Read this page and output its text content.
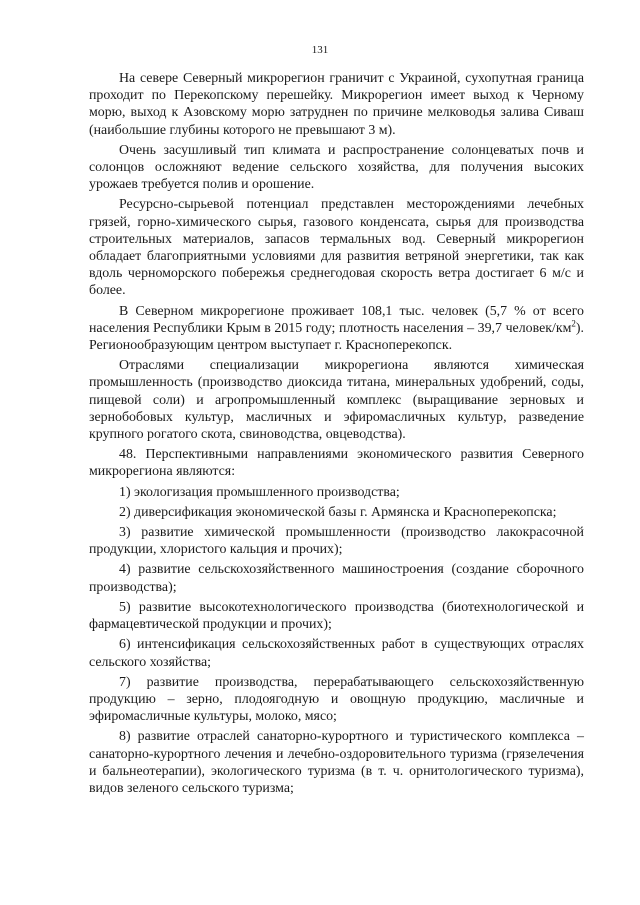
131

На севере Северный микрорегион граничит с Украиной, сухопутная граница проходит по Перекопскому перешейку. Микрорегион имеет выход к Черному морю, выход к Азовскому морю затруднен по причине мелководья залива Сиваш (наибольшие глубины которого не превышают 3 м).

Очень засушливый тип климата и распространение солонцеватых почв и солонцов осложняют ведение сельского хозяйства, для получения высоких урожаев требуется полив и орошение.

Ресурсно-сырьевой потенциал представлен месторождениями лечебных грязей, горно-химического сырья, газового конденсата, сырья для производства строительных материалов, запасов термальных вод. Северный микрорегион обладает благоприятными условиями для развития ветряной энергетики, так как вдоль черноморского побережья среднегодовая скорость ветра достигает 6 м/с и более.

В Северном микрорегионе проживает 108,1 тыс. человек (5,7 % от всего населения Республики Крым в 2015 году; плотность населения – 39,7 человек/$км^2$). Регионообразующим центром выступает г. Красноперекопск.

Отраслями специализации микрорегиона являются химическая промышленность (производство диоксида титана, минеральных удобрений, соды, пищевой соли) и агропромышленный комплекс (выращивание зерновых и зернобобовых культур, масличных и эфиромасличных культур, разведение крупного рогатого скота, свиноводства, овцеводства).

48. Перспективными направлениями экономического развития Северного микрорегиона являются:

1) экологизация промышленного производства;

2) диверсификация экономической базы г. Армянска и Красноперекопска;

3) развитие химической промышленности (производство лакокрасочной продукции, хлористого кальция и прочих);

4) развитие сельскохозяйственного машиностроения (создание сборочного производства);

5) развитие высокотехнологического производства (биотехнологической и фармацевтической продукции и прочих);

6) интенсификация сельскохозяйственных работ в существующих отраслях сельского хозяйства;

7) развитие производства, перерабатывающего сельскохозяйственную продукцию – зерно, плодоягодную и овощную продукцию, масличные и эфиромасличные культуры, молоко, мясо;

8) развитие отраслей санаторно-курортного и туристического комплекса – санаторно-курортного лечения и лечебно-оздоровительного туризма (грязелечения и бальнеотерапии), экологического туризма (в т. ч. орнитологического туризма), видов зеленого сельского туризма;
